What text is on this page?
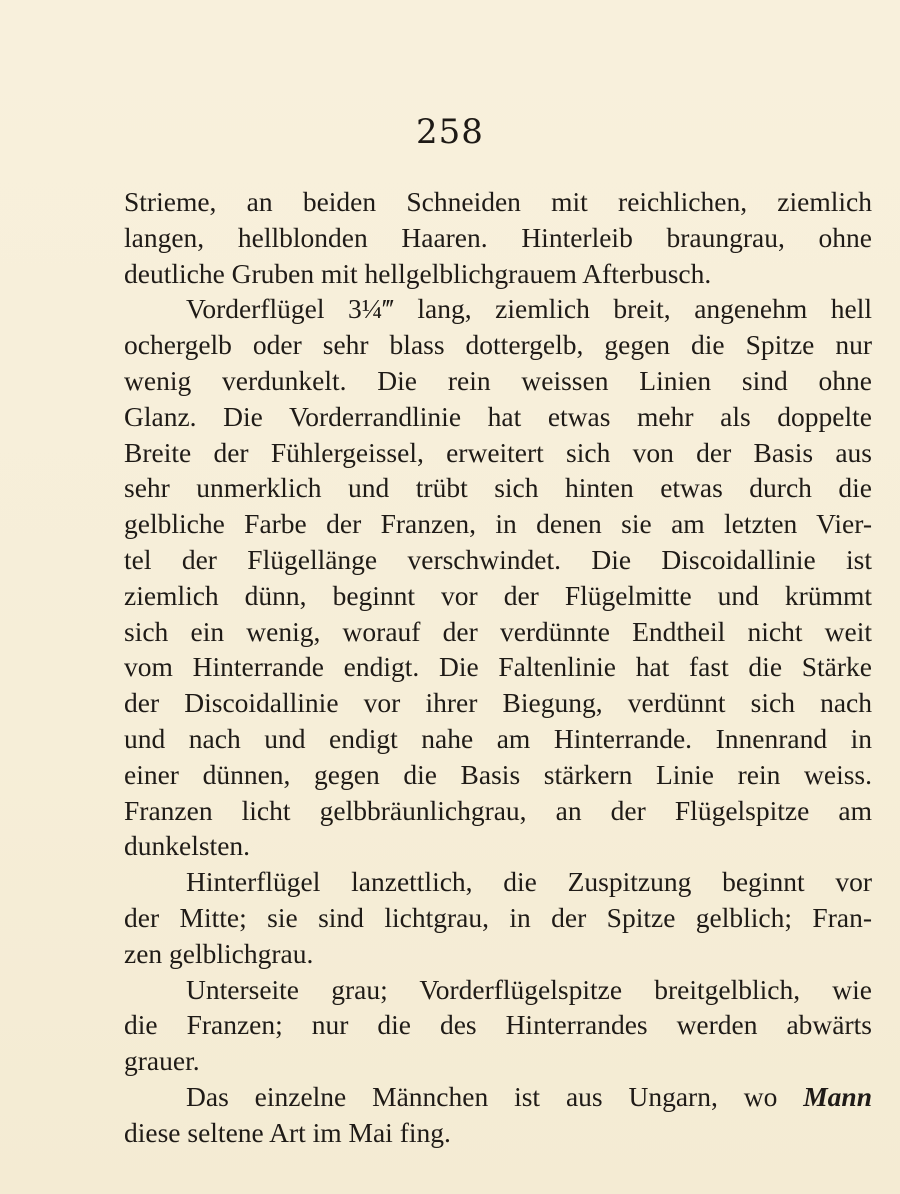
258

Strieme, an beiden Schneiden mit reichlichen, ziemlich
langen, hellblonden Haaren. Hinterleib braungrau, ohne
deutliche Gruben mit hellgelblichgrauem Afterbusch.

Vorderflügel 3¼‴ lang, ziemlich breit, angenehm hell
ochergelb oder sehr blass dottergelb, gegen die Spitze nur
wenig verdunkelt. Die rein weissen Linien sind ohne
Glanz. Die Vorderrandlinie hat etwas mehr als doppelte
Breite der Fühlergeissel, erweitert sich von der Basis aus
sehr unmerklich und trübt sich hinten etwas durch die
gelbliche Farbe der Franzen, in denen sie am letzten Vier-
tel der Flügellänge verschwindet. Die Discoidallinie ist
ziemlich dünn, beginnt vor der Flügelmitte und krümmt
sich ein wenig, worauf der verdünnte Endtheil nicht weit
vom Hinterrande endigt. Die Faltenlinie hat fast die Stärke
der Discoidallinie vor ihrer Biegung, verdünnt sich nach
und nach und endigt nahe am Hinterrande. Innenrand in
einer dünnen, gegen die Basis stärkern Linie rein weiss.
Franzen licht gelbbräunlichgrau, an der Flügelspitze am
dunkelsten.

Hinterflügel lanzettlich, die Zuspitzung beginnt vor
der Mitte; sie sind lichtgrau, in der Spitze gelblich; Fran-
zen gelblichgrau.

Unterseite grau; Vorderflügelspitze breitgelblich, wie
die Franzen; nur die des Hinterrandes werden abwärts
grauer.

Das einzelne Männchen ist aus Ungarn, wo Mann
diese seltene Art im Mai fing.
